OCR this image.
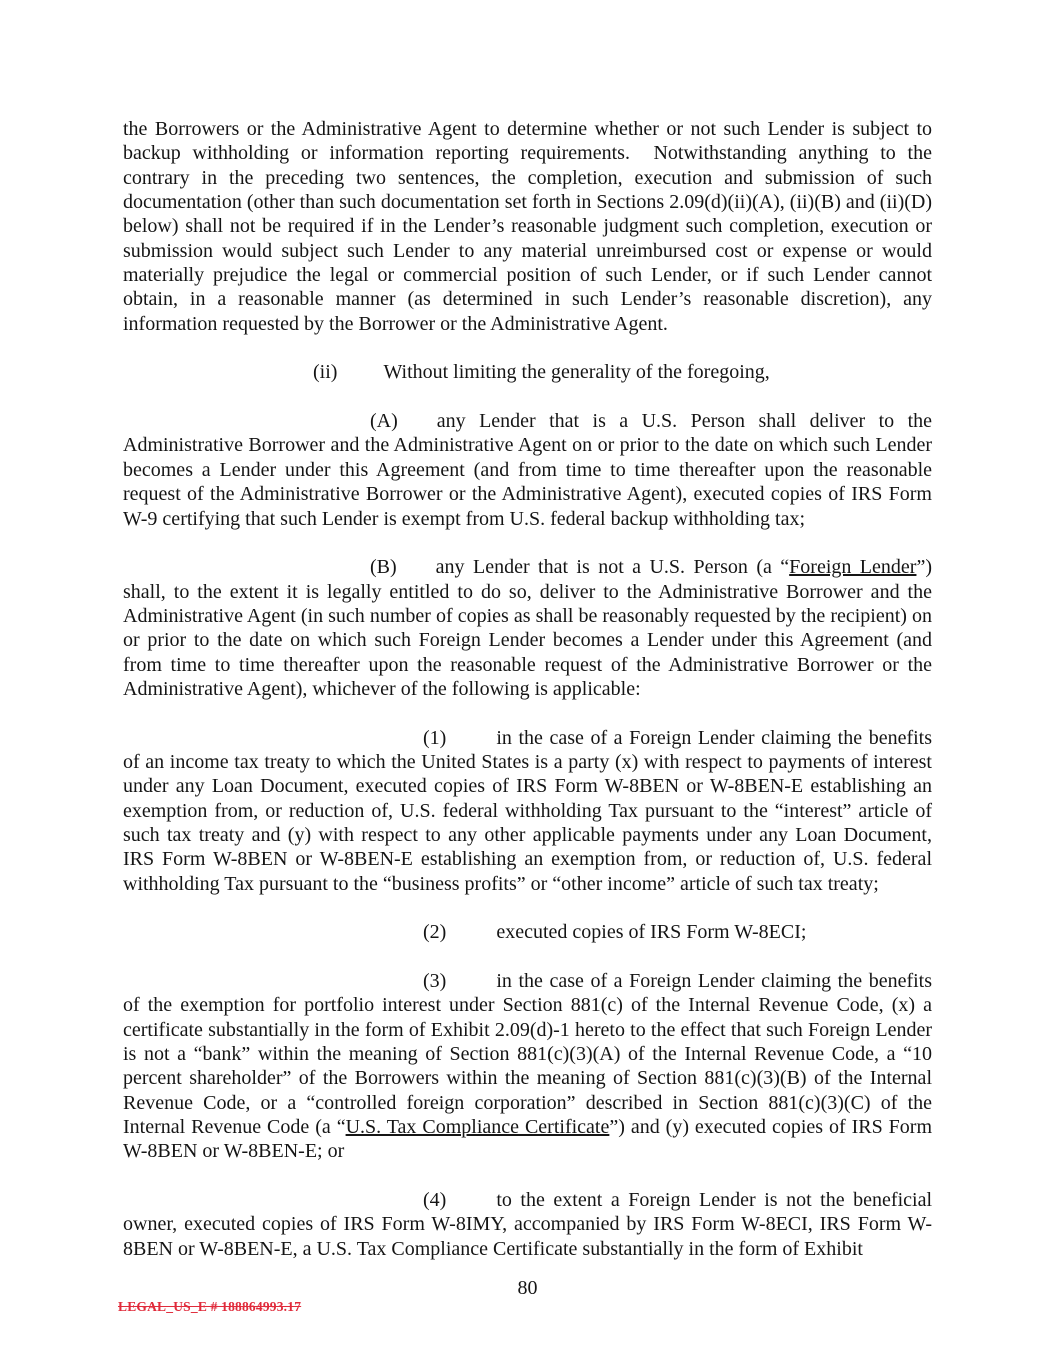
the Borrowers or the Administrative Agent to determine whether or not such Lender is subject to backup withholding or information reporting requirements.  Notwithstanding anything to the contrary in the preceding two sentences, the completion, execution and submission of such documentation (other than such documentation set forth in Sections 2.09(d)(ii)(A), (ii)(B) and (ii)(D) below) shall not be required if in the Lender’s reasonable judgment such completion, execution or submission would subject such Lender to any material unreimbursed cost or expense or would materially prejudice the legal or commercial position of such Lender, or if such Lender cannot obtain, in a reasonable manner (as determined in such Lender’s reasonable discretion), any information requested by the Borrower or the Administrative Agent.

(ii) Without limiting the generality of the foregoing,

(A) any Lender that is a U.S. Person shall deliver to the Administrative Borrower and the Administrative Agent on or prior to the date on which such Lender becomes a Lender under this Agreement (and from time to time thereafter upon the reasonable request of the Administrative Borrower or the Administrative Agent), executed copies of IRS Form W-9 certifying that such Lender is exempt from U.S. federal backup withholding tax;

(B) any Lender that is not a U.S. Person (a “Foreign Lender”) shall, to the extent it is legally entitled to do so, deliver to the Administrative Borrower and the Administrative Agent (in such number of copies as shall be reasonably requested by the recipient) on or prior to the date on which such Foreign Lender becomes a Lender under this Agreement (and from time to time thereafter upon the reasonable request of the Administrative Borrower or the Administrative Agent), whichever of the following is applicable:

(1)	in the case of a Foreign Lender claiming the benefits of an income tax treaty to which the United States is a party (x) with respect to payments of interest under any Loan Document, executed copies of IRS Form W-8BEN or W-8BEN-E establishing an exemption from, or reduction of, U.S. federal withholding Tax pursuant to the “interest” article of such tax treaty and (y) with respect to any other applicable payments under any Loan Document, IRS Form W-8BEN or W-8BEN-E establishing an exemption from, or reduction of, U.S. federal withholding Tax pursuant to the “business profits” or “other income” article of such tax treaty;

(2)	executed copies of IRS Form W-8ECI;

(3)	in the case of a Foreign Lender claiming the benefits of the exemption for portfolio interest under Section 881(c) of the Internal Revenue Code, (x) a certificate substantially in the form of Exhibit 2.09(d)-1 hereto to the effect that such Foreign Lender is not a “bank” within the meaning of Section 881(c)(3)(A) of the Internal Revenue Code, a “10 percent shareholder” of the Borrowers within the meaning of Section 881(c)(3)(B) of the Internal Revenue Code, or a “controlled foreign corporation” described in Section 881(c)(3)(C) of the Internal Revenue Code (a “U.S. Tax Compliance Certificate”) and (y) executed copies of IRS Form W-8BEN or W-8BEN-E; or

(4)	to the extent a Foreign Lender is not the beneficial owner, executed copies of IRS Form W-8IMY, accompanied by IRS Form W-8ECI, IRS Form W-8BEN or W-8BEN-E, a U.S. Tax Compliance Certificate substantially in the form of Exhibit

80
LEGAL_US_E # 188864993.17
